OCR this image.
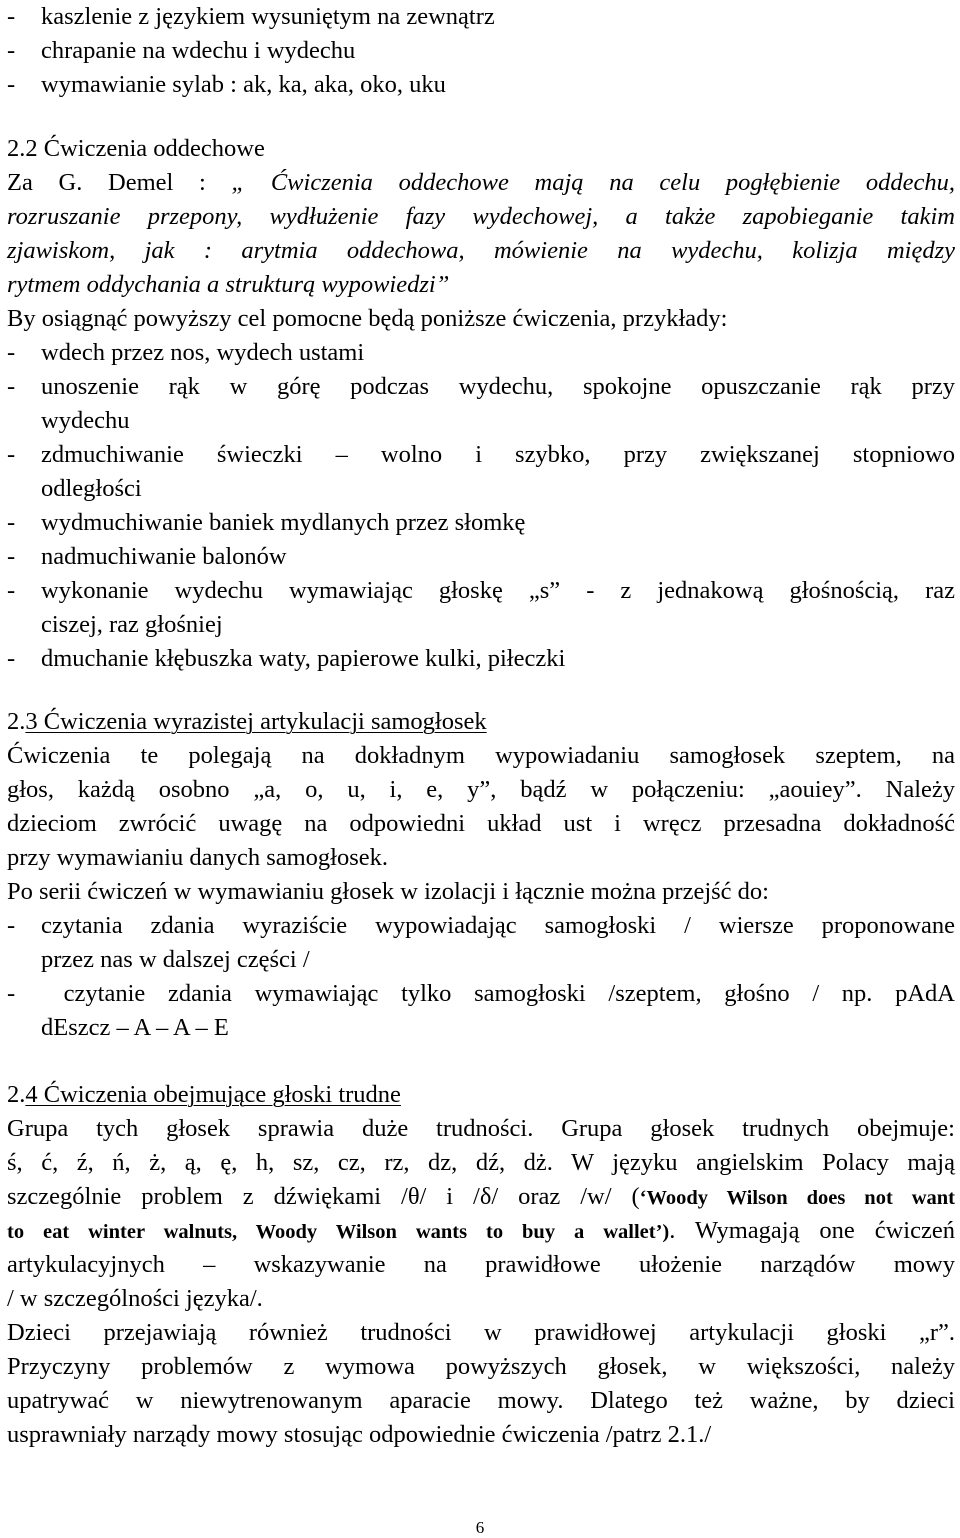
- kaszlenie z językiem wysuniętym na zewnątrz
- chrapanie na wdechu i wydechu
- wymawianie sylab : ak, ka, aka, oko, uku
2.2 Ćwiczenia oddechowe
Za G. Demel : „ Ćwiczenia oddechowe mają na celu pogłębienie oddechu,
rozruszanie przepony, wydłużenie fazy wydechowej, a także zapobieganie takim
zjawiskom, jak : arytmia oddechowa, mówienie na wydechu, kolizja między
rytmem oddychania a strukturą wypowiedzi”
By osiągnąć powyższy cel pomocne będą poniższe ćwiczenia, przykłady:
- wdech przez nos, wydech ustami
- unoszenie rąk w górę podczas wydechu, spokojne opuszczanie rąk przy
wydechu
- zdmuchiwanie świeczki – wolno i szybko, przy zwiększanej stopniowo
odległości
- wydmuchiwanie baniek mydlanych przez słomkę
- nadmuchiwanie balonów
- wykonanie wydechu wymawiając głoskę „s” - z jednakową głośnością, raz
ciszej, raz głośniej
- dmuchanie kłębuszka waty, papierowe kulki, piłeczki
2.3 Ćwiczenia wyrazistej artykulacji samogłosek
Ćwiczenia te polegają na dokładnym wypowiadaniu samogłosek szeptem, na
głos, każdą osobno „a, o, u, i, e, y”, bądź w połączeniu: „aouiey”. Należy
dzieciom zwrócić uwagę na odpowiedni układ ust i wręcz przesadna dokładność
przy wymawianiu danych samogłosek.
Po serii ćwiczeń w wymawianiu głosek w izolacji i łącznie można przejść do:
- czytania zdania wyraziście wypowiadając samogłoski / wiersze proponowane
przez nas w dalszej części /
- czytanie zdania wymawiając tylko samogłoski /szeptem, głośno / np. pAdA
dEszcz – A – A – E
2.4 Ćwiczenia obejmujące głoski trudne
Grupa tych głosek sprawia duże trudności. Grupa głosek trudnych obejmuje:
ś, ć, ź, ń, ż, ą, ę, h, sz, cz, rz, dz, dź, dż. W języku angielskim Polacy mają
szczególnie problem z dźwiękami /θ/ i /δ/ oraz /w/ (‘Woody Wilson does not want
to eat winter walnuts, Woody Wilson wants to buy a wallet’). Wymagają one ćwiczeń
artykulacyjnych – wskazywanie na prawidłowe ułożenie narządów mowy
/ w szczególności języka/.
Dzieci przejawiają również trudności w prawidłowej artykulacji głoski „r”.
Przyczyny problemów z wymowa powyższych głosek, w większości, należy
upatrywać w niewytrenowanym aparacie mowy. Dlatego też ważne, by dzieci
usprawniały narządy mowy stosując odpowiednie ćwiczenia /patrz 2.1./
6
